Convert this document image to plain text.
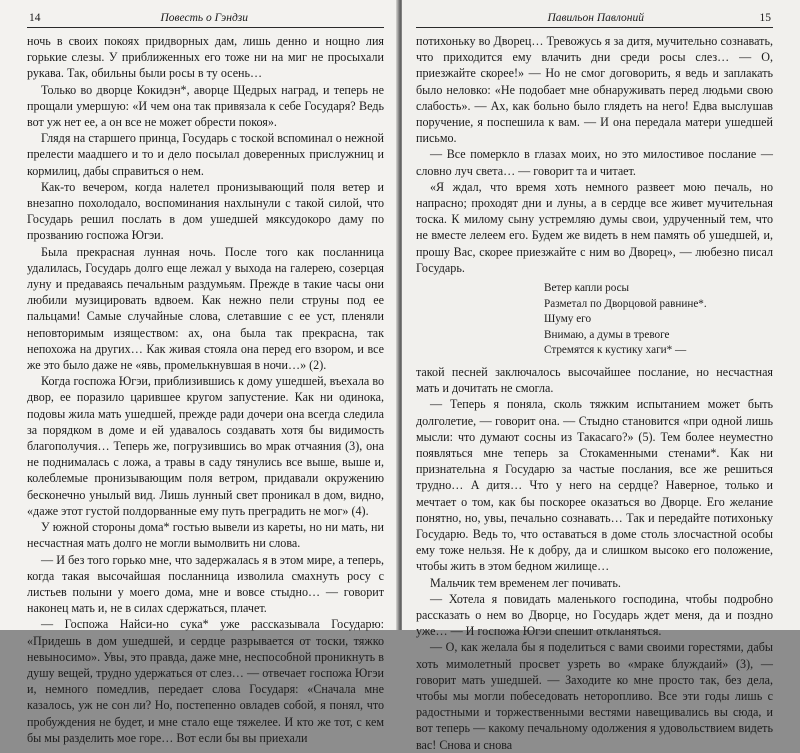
14	Повесть о Гэндзи

ночь в своих покоях придворных дам, лишь денно и нощно лия горькие слезы. У приближенных его тоже ни на миг не просыхали рукава. Так, обильны были росы в ту осень…

Только во дворце Кокидэн*, аворце Щедрых наград, и теперь не прощали умершую: «И чем она так привязала к себе Государя? Ведь вот уж нет ее, а он все не может обрести покоя».

Глядя на старшего принца, Государь с тоской вспоминал о нежной прелести маадшего и то и дело посылал доверенных прислужниц и кормилиц, дабы справиться о нем.

Как-то вечером, когда налетел пронизывающий поля ветер и внезапно похолодало, воспоминания нахлынули с такой силой, что Государь решил послать в дом ушедшей мяксудокоро даму по прозванию госпожа Югэи.

Была прекрасная лунная ночь. После того как посланница удалилась, Государь долго еще лежал у выхода на галерею, созерцая луну и предаваясь печальным раздумьям. Прежде в такие часы они любили музицировать вдвоем. Как нежно пели струны под ее пальцами! Самые случайные слова, слетавшие с ее уст, пленяли неповторимым изяществом: ах, она была так прекрасна, так непохожа на других… Как живая стояла она перед его взором, и все же это было даже не «явь, промелькнувшая в ночи…» (2).

Когда госпожа Югэи, приблизившись к дому ушедшей, въехала во двор, ее поразило царившее кругом запустение. Как ни одинока, подовы жила мать ушедшей, прежде ради дочери она всегда следила за порядком в доме и ей удавалось создавать хотя бы видимость благополучия… Теперь же, погрузившись во мрак отчаяния (3), она не поднималась с ложа, а травы в саду тянулись все выше, выше и, колеблемые пронизывающим поля ветром, придавали окружению бесконечно унылый вид. Лишь лунный свет проникал в дом, видно, «даже этот густой полдорванные ему путь преградить не мог» (4).

У южной стороны дома* гостью вывели из кареты, но ни мать, ни несчастная мать долго не могли вымолвить ни слова.

— И без того горько мне, что задержалась я в этом мире, а теперь, когда такая высочайшая посланница изволила смахнуть росу с листьев полыни у моего дома, мне и вовсе стыдно… — говорит наконец мать и, не в силах сдержаться, плачет.

— Госпожа Найси-но сука* уже рассказывала Государю: «Придешь в дом ушедшей, и сердце разрывается от тоски, тяжко невыносимо». Увы, это правда, даже мне, неспособной проникнуть в душу вещей, трудно удержаться от слез… — отвечает госпожа Югэи и, немного помедлив, передает слова Государя: «Сначала мне казалось, уж не сон ли? Но, постепенно овладев собой, я понял, что пробуждения не будет, и мне стало еще тяжелее. И кто же тот, с кем бы мы разделить мое горе… Вот если бы вы приехали

Павильон Павлоний	15

потихоньку во Дворец… Тревожусь я за дитя, мучительно сознавать, что приходится ему влачить дни среди росы слез… — О, приезжайте скорее!» — Но не смог договорить, я ведь и заплакать было неловко: «Не подобает мне обнаруживать перед людьми свою слабость». — Ах, как больно было глядеть на него! Едва выслушав поручение, я поспешила к вам. — И она передала матери ушедшей письмо.

— Все померкло в глазах моих, но это милостивое послание — словно луч света… — говорит та и читает.

«Я ждал, что время хоть немного развеет мою печаль, но напрасно; проходят дни и луны, а в сердце все живет мучительная тоска. К милому сыну устремляю думы свои, удрученный тем, что не вместе лелеем его. Будем же видеть в нем память об ушедшей, и, прошу Вас, скорее приезжайте с ним во Дворец», — любезно писал Государь.

Ветер капли росы
Разметал по Дворцовой равнине*.
Шуму его
Внимаю, а думы в тревоге
Стремятся к кустику хаги* —

такой песней заключалось высочайшее послание, но несчастная мать и дочитать не смогла.

— Теперь я поняла, сколь тяжким испытанием может быть долголетие, — говорит она. — Стыдно становится «при одной лишь мысли: что думают сосны из Такасаго?» (5). Тем более неуместно появляться мне теперь за Стокаменными стенами*. Как ни признательна я Государю за частые послания, все же решиться трудно… А дитя… Что у него на сердце? Наверное, только и мечтает о том, как бы поскорее оказаться во Дворце. Его желание понятно, но, увы, печально сознавать… Так и передайте потихоньку Государю. Ведь то, что оставаться в доме столь злосчастной особы ему тоже нельзя. Не к добру, да и слишком высоко его положение, чтобы жить в этом бедном жилище…

Мальчик тем временем лег почивать.

— Хотела я повидать маленького господина, чтобы подробно рассказать о нем во Дворце, но Государь ждет меня, да и поздно уже… — И госпожа Югэи спешит откланяться.

— О, как желала бы я поделиться с вами своими горестями, дабы хоть мимолетный просвет узреть во «мраке блуждаий» (3), — говорит мать ушедшей. — Заходите ко мне просто так, без дела, чтобы мы могли побеседовать неторопливо. Все эти годы лишь с радостными и торжественными вестями навещивались вы сюда, и вот теперь — какому печальному одолжения я удовольствием видеть вас! Снова и снова
